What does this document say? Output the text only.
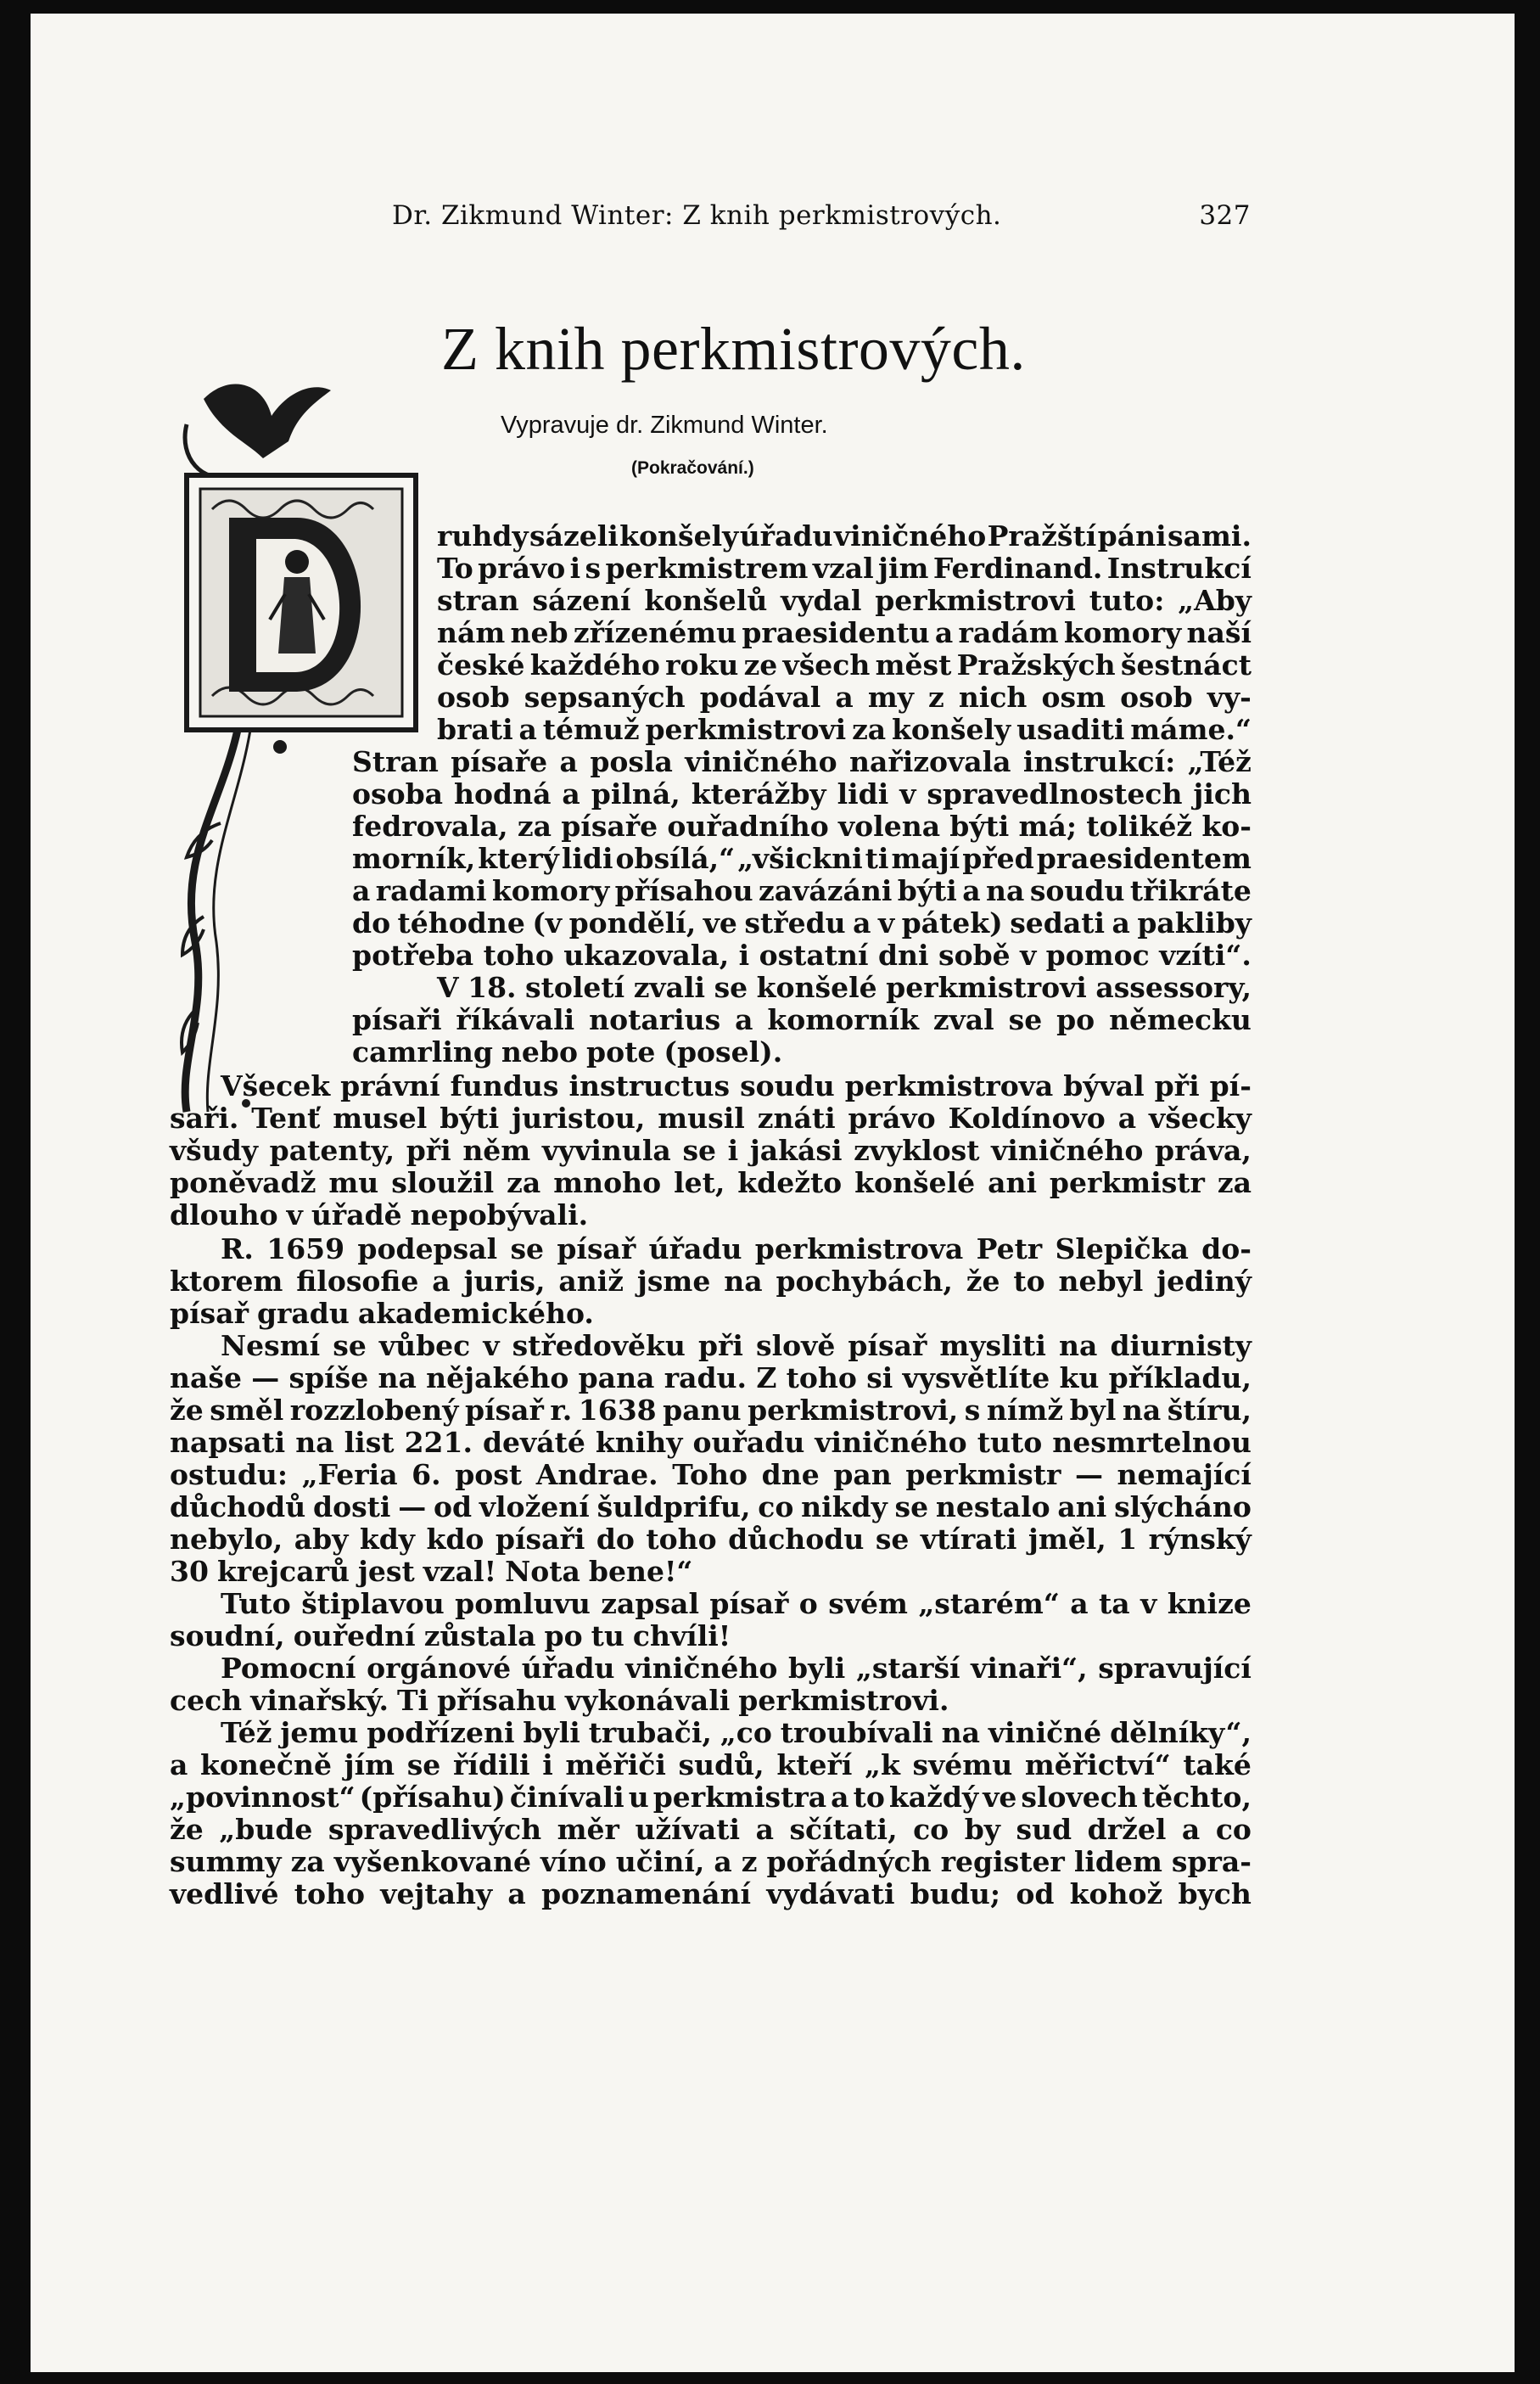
Dr. Zikmund Winter: Z knih perkmistrových.	327
Z knih perkmistrových.
Vypravuje dr. Zikmund Winter.
(Pokračování.)
ruhdy sázeli konšely úřadu viničného Pražští páni sami.
To právo i s perkmistrem vzal jim Ferdinand. Instrukcí
stran sázení konšelů vydal perkmistrovi tuto: „Aby
nám neb zřízenému praesidentu a radám komory naší
české každého roku ze všech měst Pražských šestnáct
osob sepsaných podával a my z nich osm osob vy-
brati a témuž perkmistrovi za konšely usaditi máme.“
Stran písaře a posla viničného nařizovala instrukcí: „Též
osoba hodná a pilná, kterážby lidi v spravedlnostech jich
fedrovala, za písaře ouřadního volena býti má; tolikéž ko-
morník, který lidi obsílá,“ „všickni ti mají před praesidentem
a radami komory přísahou zavázáni býti a na soudu třikráte
do téhodne (v pondělí, ve středu a v pátek) sedati a pakliby
potřeba toho ukazovala, i ostatní dni sobě v pomoc vzíti“.
V 18. století zvali se konšelé perkmistrovi assessory,
písaři říkávali notarius a komorník zval se po německu
camrling nebo pote (posel).
Všecek právní fundus instructus soudu perkmistrova býval při pí-
saři. Tenť musel býti juristou, musil znáti právo Koldínovo a všecky
všudy patenty, při něm vyvinula se i jakási zvyklost viničného práva,
poněvadž mu sloužil za mnoho let, kdežto konšelé ani perkmistr za
dlouho v úřadě nepobývali.
R. 1659 podepsal se písař úřadu perkmistrova Petr Slepička do-
ktorem filosofie a juris, aniž jsme na pochybách, že to nebyl jediný
písař gradu akademického.
Nesmí se vůbec v středověku při slově písař mysliti na diurnisty
naše — spíše na nějakého pana radu. Z toho si vysvětlíte ku příkladu,
že směl rozzlobený písař r. 1638 panu perkmistrovi, s nímž byl na štíru,
napsati na list 221. deváté knihy ouřadu viničného tuto nesmrtelnou
ostudu: „Feria 6. post Andrae. Toho dne pan perkmistr — nemající
důchodů dosti — od vložení šuldprifu, co nikdy se nestalo ani slýcháno
nebylo, aby kdy kdo písaři do toho důchodu se vtírati jměl, 1 rýnský
30 krejcarů jest vzal! Nota bene!“
Tuto štiplavou pomluvu zapsal písař o svém „starém“ a ta v knize
soudní, ouřední zůstala po tu chvíli!
Pomocní orgánové úřadu viničného byli „starší vinaři“, spravující
cech vinařský. Ti přísahu vykonávali perkmistrovi.
Též jemu podřízeni byli trubači, „co troubívali na viničné dělníky“,
a konečně jím se řídili i měřiči sudů, kteří „k svému měřictví“ také
„povinnost“ (přísahu) činívali u perkmistra a to každý ve slovech těchto,
že „bude spravedlivých měr užívati a sčítati, co by sud držel a co
summy za vyšenkované víno učiní, a z pořádných register lidem spra-
vedlivé toho vejtahy a poznamenání vydávati budu; od kohož bych
